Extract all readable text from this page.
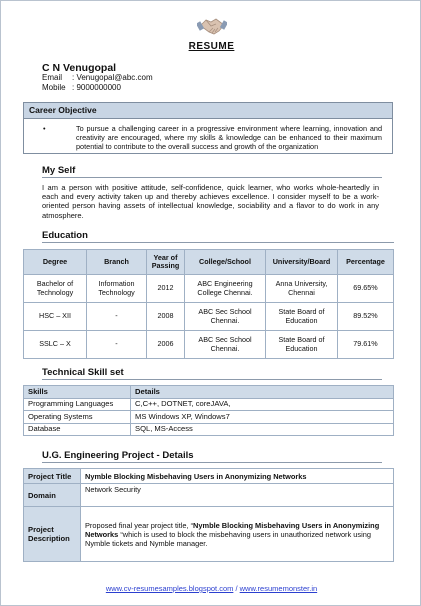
RESUME
C N Venugopal
Email : Venugopal@abc.com
Mobile : 9000000000
Career Objective
•	To pursue a challenging career in a progressive environment where learning, innovation and creativity are encouraged, where my skills & knowledge can be enhanced to their maximum potential to contribute to the overall success and growth of the organization
My Self
I am a person with positive attitude, self-confidence, quick learner, who works whole-heartedly in each and every activity taken up and thereby achieves excellence. I consider myself to be a work-oriented person having assets of intellectual knowledge, sociability and a flavor to do work in any atmosphere.
Education
Degree	Branch	Year of Passing	College/School	University/Board	Percentage
Bachelor of Technology	Information Technology	2012	ABC Engineering College Chennai.	Anna University, Chennai	69.65%
HSC – XII	-	2008	ABC Sec School Chennai.	State Board of Education	89.52%
SSLC – X	-	2006	ABC Sec School Chennai.	State Board of Education	79.61%
Technical Skill set
Skills	Details
Programming Languages	C,C++, DOTNET, coreJAVA,
Operating Systems	MS Windows XP, Windows7
Database	SQL, MS-Access
U.G. Engineering Project - Details
Project Title	Nymble Blocking Misbehaving Users in Anonymizing Networks
Domain	Network Security
Project Description	Proposed final year project title, “Nymble Blocking Misbehaving Users in Anonymizing Networks “which is used to block the misbehaving users in unauthorized network using Nymble tickets and Nymble manager.
www.cv-resumesamples.blogspot.com / www.resumemonster.in
